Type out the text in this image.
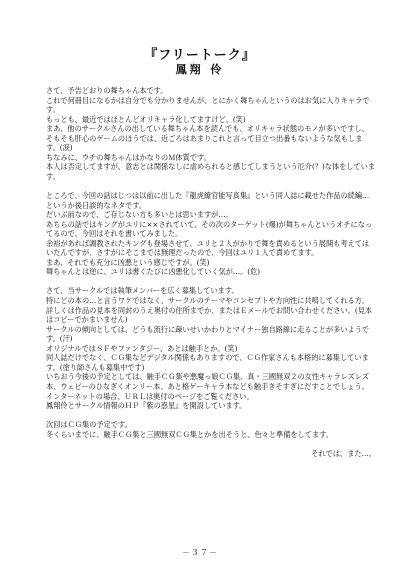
『フリートーク』
鳳翔 伶
さて、予告どおりの舞ちゃん本です。
これで何冊目になるかは自分でも分かりませんが、とにかく舞ちゃんというのはお気に入りキャラです。
もっとも、最近ではほとんどオリキャラ化してますけど。(笑)
まあ、他のサークルさんの出している舞ちゃん本を読んでも、オリキャラ状態のモノが多いですし、そもそも肝心のゲームのほうでは、近ごろはあまりこれと言って目立つ出番もないような気もします。(涙)
ちなみに、ウチの舞ちゃんはかなりのＭ体質です。
本人は否定してますが、意志とは関係なしに虐められると感じてしまうという厄介(？)な体をしています。
ところで、今回の話はじつは以前に出した『龍虎繚官能写真集』という同人誌に載せた作品の続編…というか後日談的なネタです。
だいぶ前なので、ご存じない方も多いとは思いますが…。
あちらの話ではキングがユリに××されていて、その次のターゲット(爆)が舞ちゃんというオチになってるので、今回はそれを書いてみました。
余裕があれば調教されたキングも登場させて、ユリと２人がかりで舞を責めるという展開も考えてはいたんですが、さすがにそこまでは無理だったので、今回はユリ１人で責めてます。
まあ、それでも充分に凶悪という感じですが。(笑)
舞ちゃんとは逆に、ユリは書くたびに凶悪化していく気が…。(危)
さて、当サークルでは執筆メンバーを広く募集しています。
特にどの本の…と言うワケではなく、サークルのテーマやコンセプトや方向性に共鳴してくれる方。
詳しくは作品の見本を同封のうえ奥付の住所までか、またはＥメールでお問い合わせください。(見本はコピーでかまいません)
サークルの傾向としては、どうも流行に疎いせいかわりとマイナー独自路線に走ることが多いようです。(汗)
オリジナルではＳＦやファンタジー、あとは触手とか。(笑)
同人誌だけでなく、ＣＧ集などデジタル関係もありますので、ＣＧ作家さんも本格的に募集しています。(塗り師さんも募集中です)
いちおう今後の予定としては、触手ＣＧ集や悪魔っ娘ＣＧ集、真・三國無双２の女性キャラレズレズ本、ウェビーのひなぎくオンリー本、あと格ゲーキャラ本なども触手きそすぎにだすことでしょう。
インターネットの場合、ＵＲＬは奥付のページをご覧ください。
鳳翔伶とサークル情報のＨＰ『紫の惑星』を開設しています。
次回はＣＧ集の予定です。
冬くらいまでに、触手ＣＧ集と三國無双ＣＧ集とかを出そうと、色々と準備をしてます。
それでは、また…。
－３７－
